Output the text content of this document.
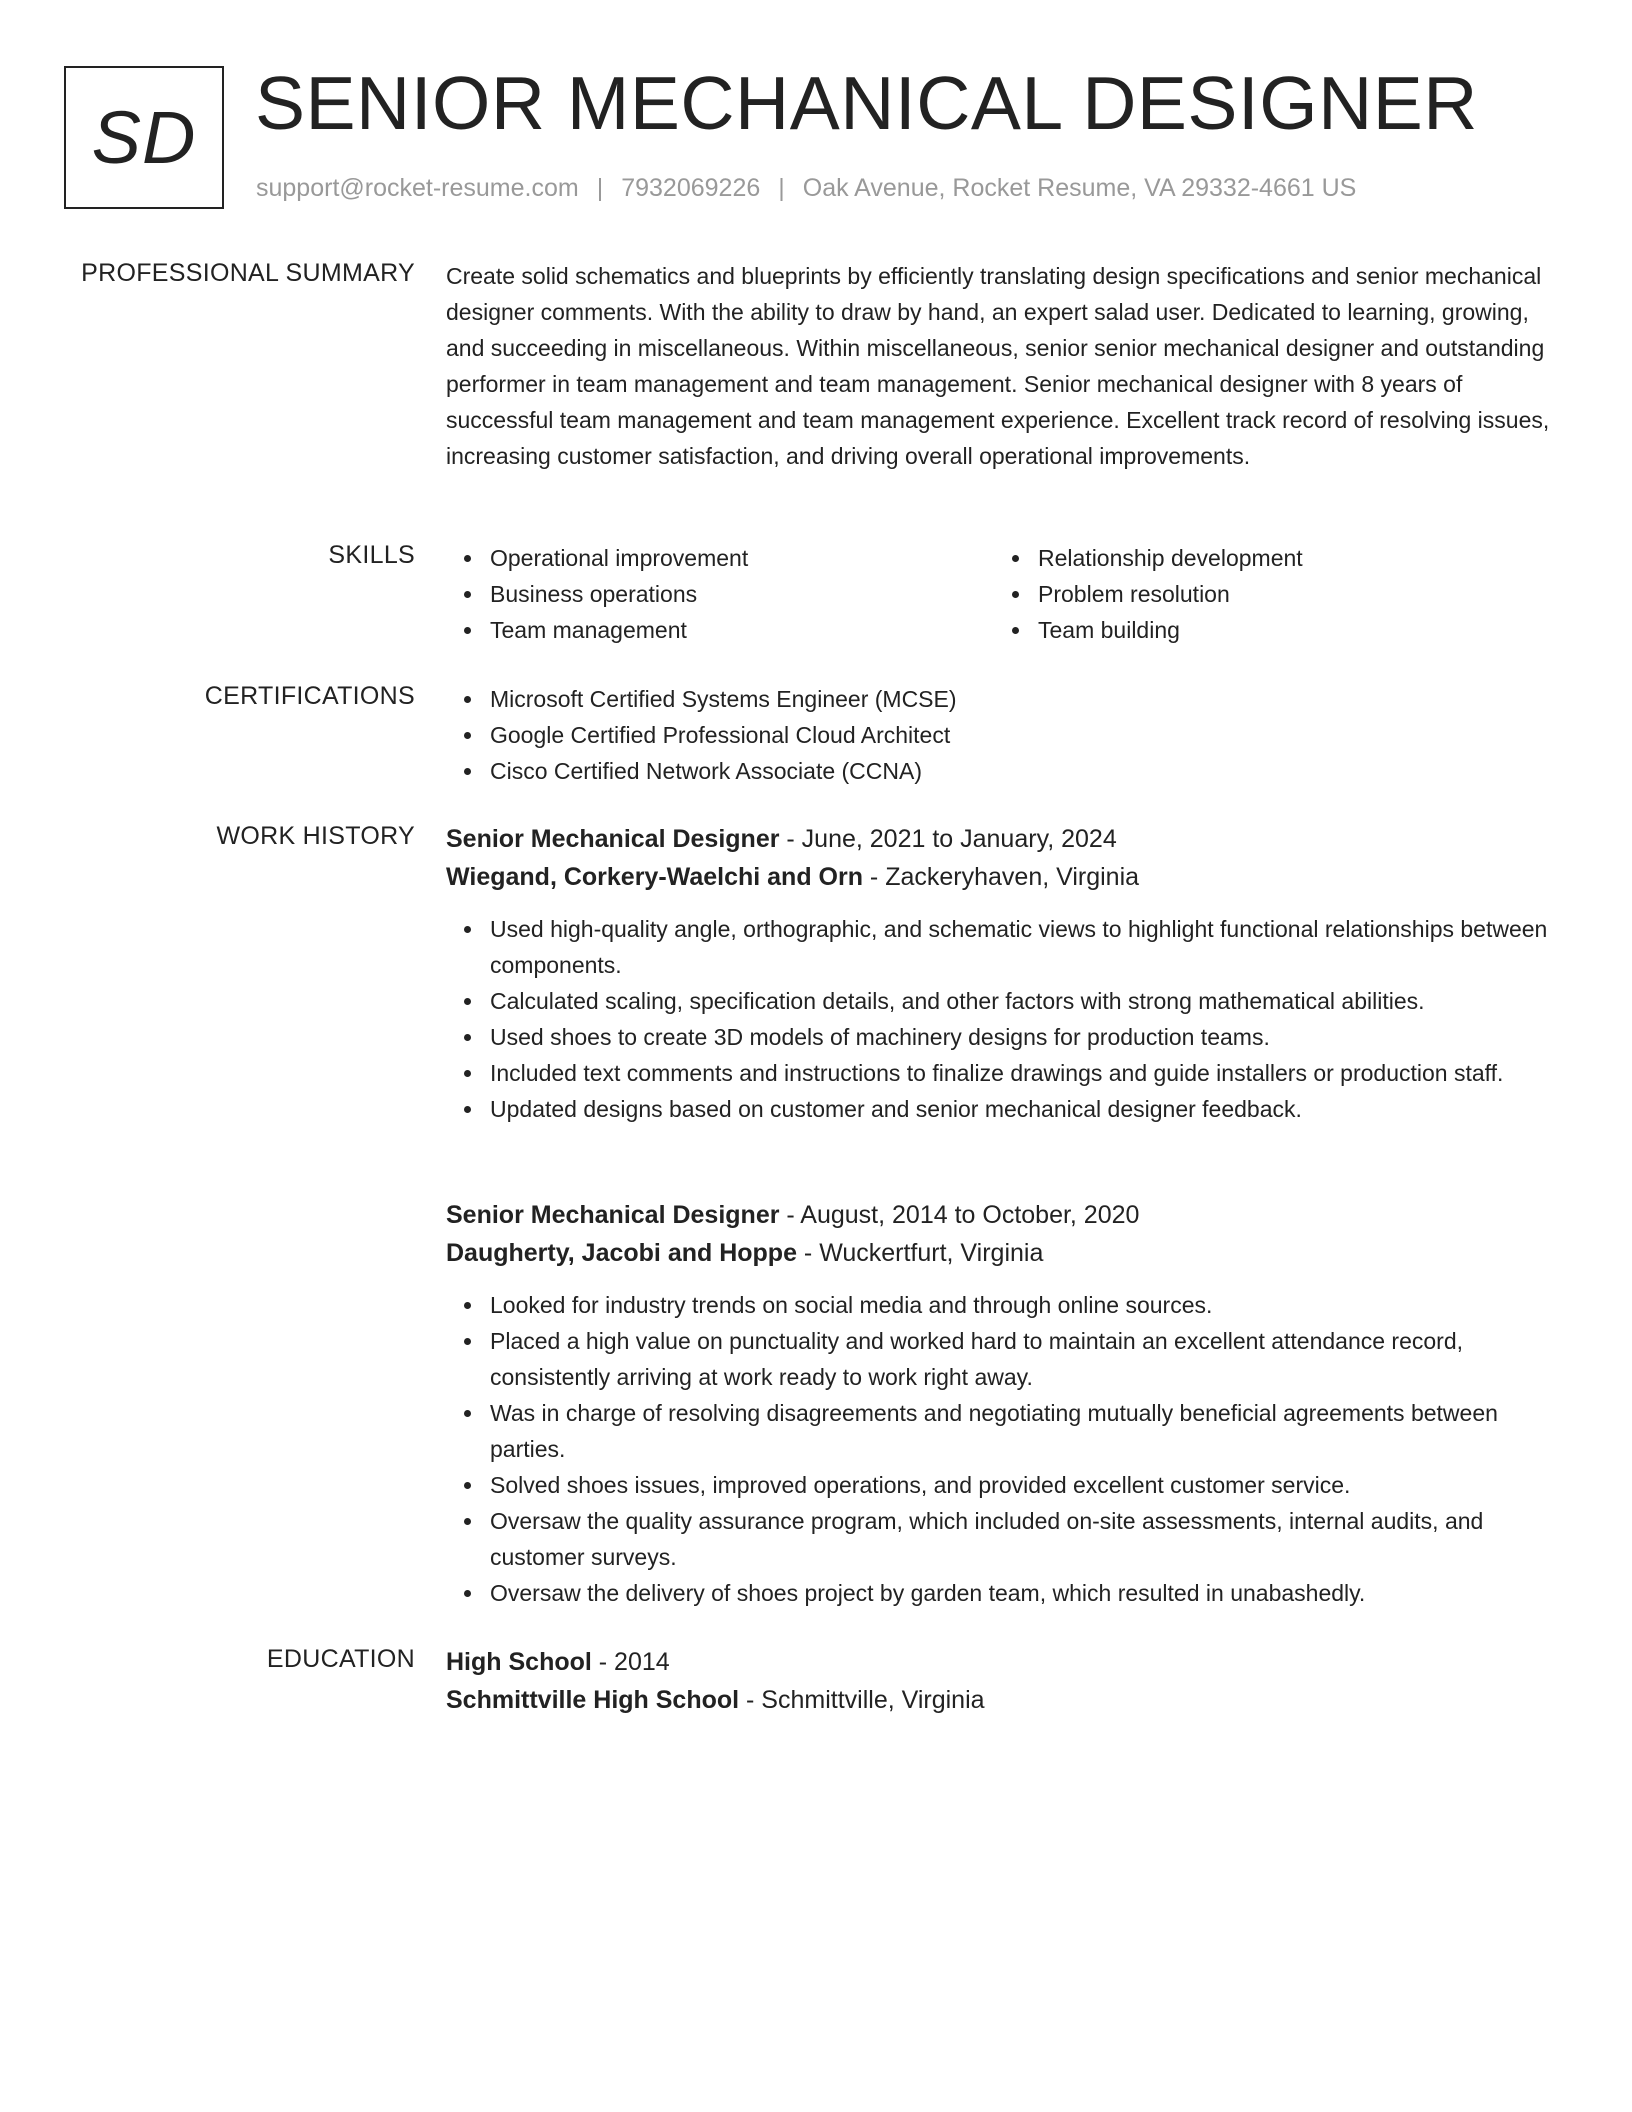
SD SENIOR MECHANICAL DESIGNER
support@rocket-resume.com | 7932069226 | Oak Avenue, Rocket Resume, VA 29332-4661 US
PROFESSIONAL SUMMARY Create solid schematics and blueprints by efficiently translating design specifications and senior mechanical designer comments. With the ability to draw by hand, an expert salad user. Dedicated to learning, growing, and succeeding in miscellaneous. Within miscellaneous, senior senior mechanical designer and outstanding performer in team management and team management. Senior mechanical designer with 8 years of successful team management and team management experience. Excellent track record of resolving issues, increasing customer satisfaction, and driving overall operational improvements.
SKILLS	Operational improvement
Business operations
Team management
Relationship development
Problem resolution
Team building
CERTIFICATIONS	Microsoft Certified Systems Engineer (MCSE)
Google Certified Professional Cloud Architect
Cisco Certified Network Associate (CCNA)
WORK HISTORY Senior Mechanical Designer - June, 2021 to January, 2024
Wiegand, Corkery-Waelchi and Orn - Zackeryhaven, Virginia
Used high-quality angle, orthographic, and schematic views to highlight functional relationships between components.
Calculated scaling, specification details, and other factors with strong mathematical abilities.
Used shoes to create 3D models of machinery designs for production teams.
Included text comments and instructions to finalize drawings and guide installers or production staff.
Updated designs based on customer and senior mechanical designer feedback.
Senior Mechanical Designer - August, 2014 to October, 2020
Daugherty, Jacobi and Hoppe - Wuckertfurt, Virginia
Looked for industry trends on social media and through online sources.
Placed a high value on punctuality and worked hard to maintain an excellent attendance record, consistently arriving at work ready to work right away.
Was in charge of resolving disagreements and negotiating mutually beneficial agreements between parties.
Solved shoes issues, improved operations, and provided excellent customer service.
Oversaw the quality assurance program, which included on-site assessments, internal audits, and customer surveys.
Oversaw the delivery of shoes project by garden team, which resulted in unabashedly.
EDUCATION High School - 2014
Schmittville High School - Schmittville, Virginia
